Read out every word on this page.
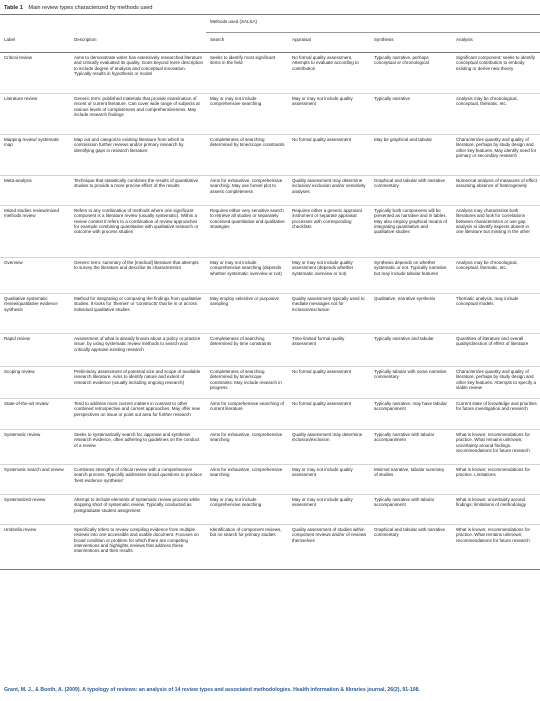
Table 1 Main review types characterized by methods used
		Methods used (SALSA)			
Label	Description	Search	Appraisal	Synthesis	Analysis
Critical review	Aims to demonstrate writer has extensively researched literature and critically evaluated its quality. Goes beyond mere description to include degree of analysis and conceptual innovation. Typically results in hypothesis or model	Seeks to identify most significant items in the field	No formal quality assessment. Attempts to evaluate according to contribution	Typically narrative, perhaps conceptual or chronological	Significant component: seeks to identify conceptual contribution to embody existing or derive new theory
Literature review	Generic term: published materials that provide examination of recent or current literature. Can cover wide range of subjects at various levels of completeness and comprehensiveness. May include research findings	May or may not include comprehensive searching	May or may not include quality assessment	Typically narrative	Analysis may be chronological, conceptual, thematic, etc.
Mapping review/ systematic map	Map out and categorize existing literature from which to commission further reviews and/or primary research by identifying gaps in research literature	Completeness of searching determined by time/scope constraints	No formal quality assessment	May be graphical and tabular	Characterizes quantity and quality of literature, perhaps by study design and other key features. May identify need for primary or secondary research
Meta-analysis	Technique that statistically combines the results of quantitative studies to provide a more precise effect of the results	Aims for exhaustive, comprehensive searching. May use funnel plot to assess completeness	Quality assessment may determine inclusion/ exclusion and/or sensitivity analyses	Graphical and tabular with narrative commentary	Numerical analysis of measures of effect assuming absence of heterogeneity
Mixed studies review/mixed methods review	Refers to any combination of methods where one significant component is a literature review (usually systematic). Within a review context it refers to a combination of review approaches for example combining quantitative with qualitative research or outcome with process studies	Requires either very sensitive search to retrieve all studies or separately conceived quantitative and qualitative strategies	Requires either a generic appraisal instrument or separate appraisal processes with corresponding checklists	Typically both components will be presented as narrative and in tables. May also employ graphical means of integrating quantitative and qualitative studies	Analysis may characterise both literatures and look for correlations between characteristics or use gap analysis to identify aspects absent in one literature but missing in the other
Overview	Generic term: summary of the [medical] literature that attempts to survey the literature and describe its characteristics	May or may not include comprehensive searching (depends whether systematic overview or not)	May or may not include quality assessment (depends whether systematic overview or not)	Synthesis depends on whether systematic or not. Typically narrative but may include tabular features	Analysis may be chronological, conceptual, thematic, etc.
Qualitative systematic review/qualitative evidence synthesis	Method for integrating or comparing the findings from qualitative studies. It looks for 'themes' or 'constructs' that lie in or across individual qualitative studies	May employ selective or purposive sampling	Quality assessment typically used to mediate messages not for inclusion/exclusion	Qualitative, narrative synthesis	Thematic analysis, may include conceptual models
Rapid review	Assessment of what is already known about a policy or practice issue, by using systematic review methods to search and critically appraise existing research	Completeness of searching determined by time constraints	Time-limited formal quality assessment	Typically narrative and tabular	Quantities of literature and overall quality/direction of effect of literature
Scoping review	Preliminary assessment of potential size and scope of available research literature. Aims to identify nature and extent of research evidence (usually including ongoing research)	Completeness of searching determined by time/scope constraints. May include research in progress	No formal quality assessment	Typically tabular with some narrative commentary	Characterizes quantity and quality of literature, perhaps by study design and other key features. Attempts to specify a viable review
State-of-the-art review	Tend to address more current matters in contrast to other combined retrospective and current approaches. May offer new perspectives on issue or point out area for further research	Aims for comprehensive searching of current literature	No formal quality assessment	Typically narrative, may have tabular accompaniment	Current state of knowledge and priorities for future investigation and research
Systematic review	Seeks to systematically search for, appraise and synthesis research evidence, often adhering to guidelines on the conduct of a review	Aims for exhaustive, comprehensive searching	Quality assessment may determine inclusion/exclusion	Typically narrative with tabular accompaniment	What is known; recommendations for practice. What remains unknown; uncertainty around findings, recommendations for future research
Systematic search and review	Combines strengths of critical review with a comprehensive search process. Typically addresses broad questions to produce 'best evidence synthesis'	Aims for exhaustive, comprehensive searching	May or may not include quality assessment	Minimal narrative, tabular summary of studies	What is known; recommendations for practice. Limitations
Systematized review	Attempt to include elements of systematic review process while stopping short of systematic review. Typically conducted as postgraduate student assignment	May or may not include comprehensive searching	May or may not include quality assessment	Typically narrative with tabular accompaniment	What is known; uncertainty around findings; limitations of methodology
Umbrella review	Specifically refers to review compiling evidence from multiple reviews into one accessible and usable document. Focuses on broad condition or problem for which there are competing interventions and highlights reviews that address these interventions and their results	Identification of component reviews, but no search for primary studies	Quality assessment of studies within component reviews and/or of reviews themselves	Graphical and tabular with narrative commentary	What is known; recommendations for practice. What remains unknown; recommendations for future research
Grant, M. J., & Booth, A. (2009). A typology of reviews: an analysis of 14 review types and associated methodologies. Health information & libraries journal, 26(2), 91-108.
